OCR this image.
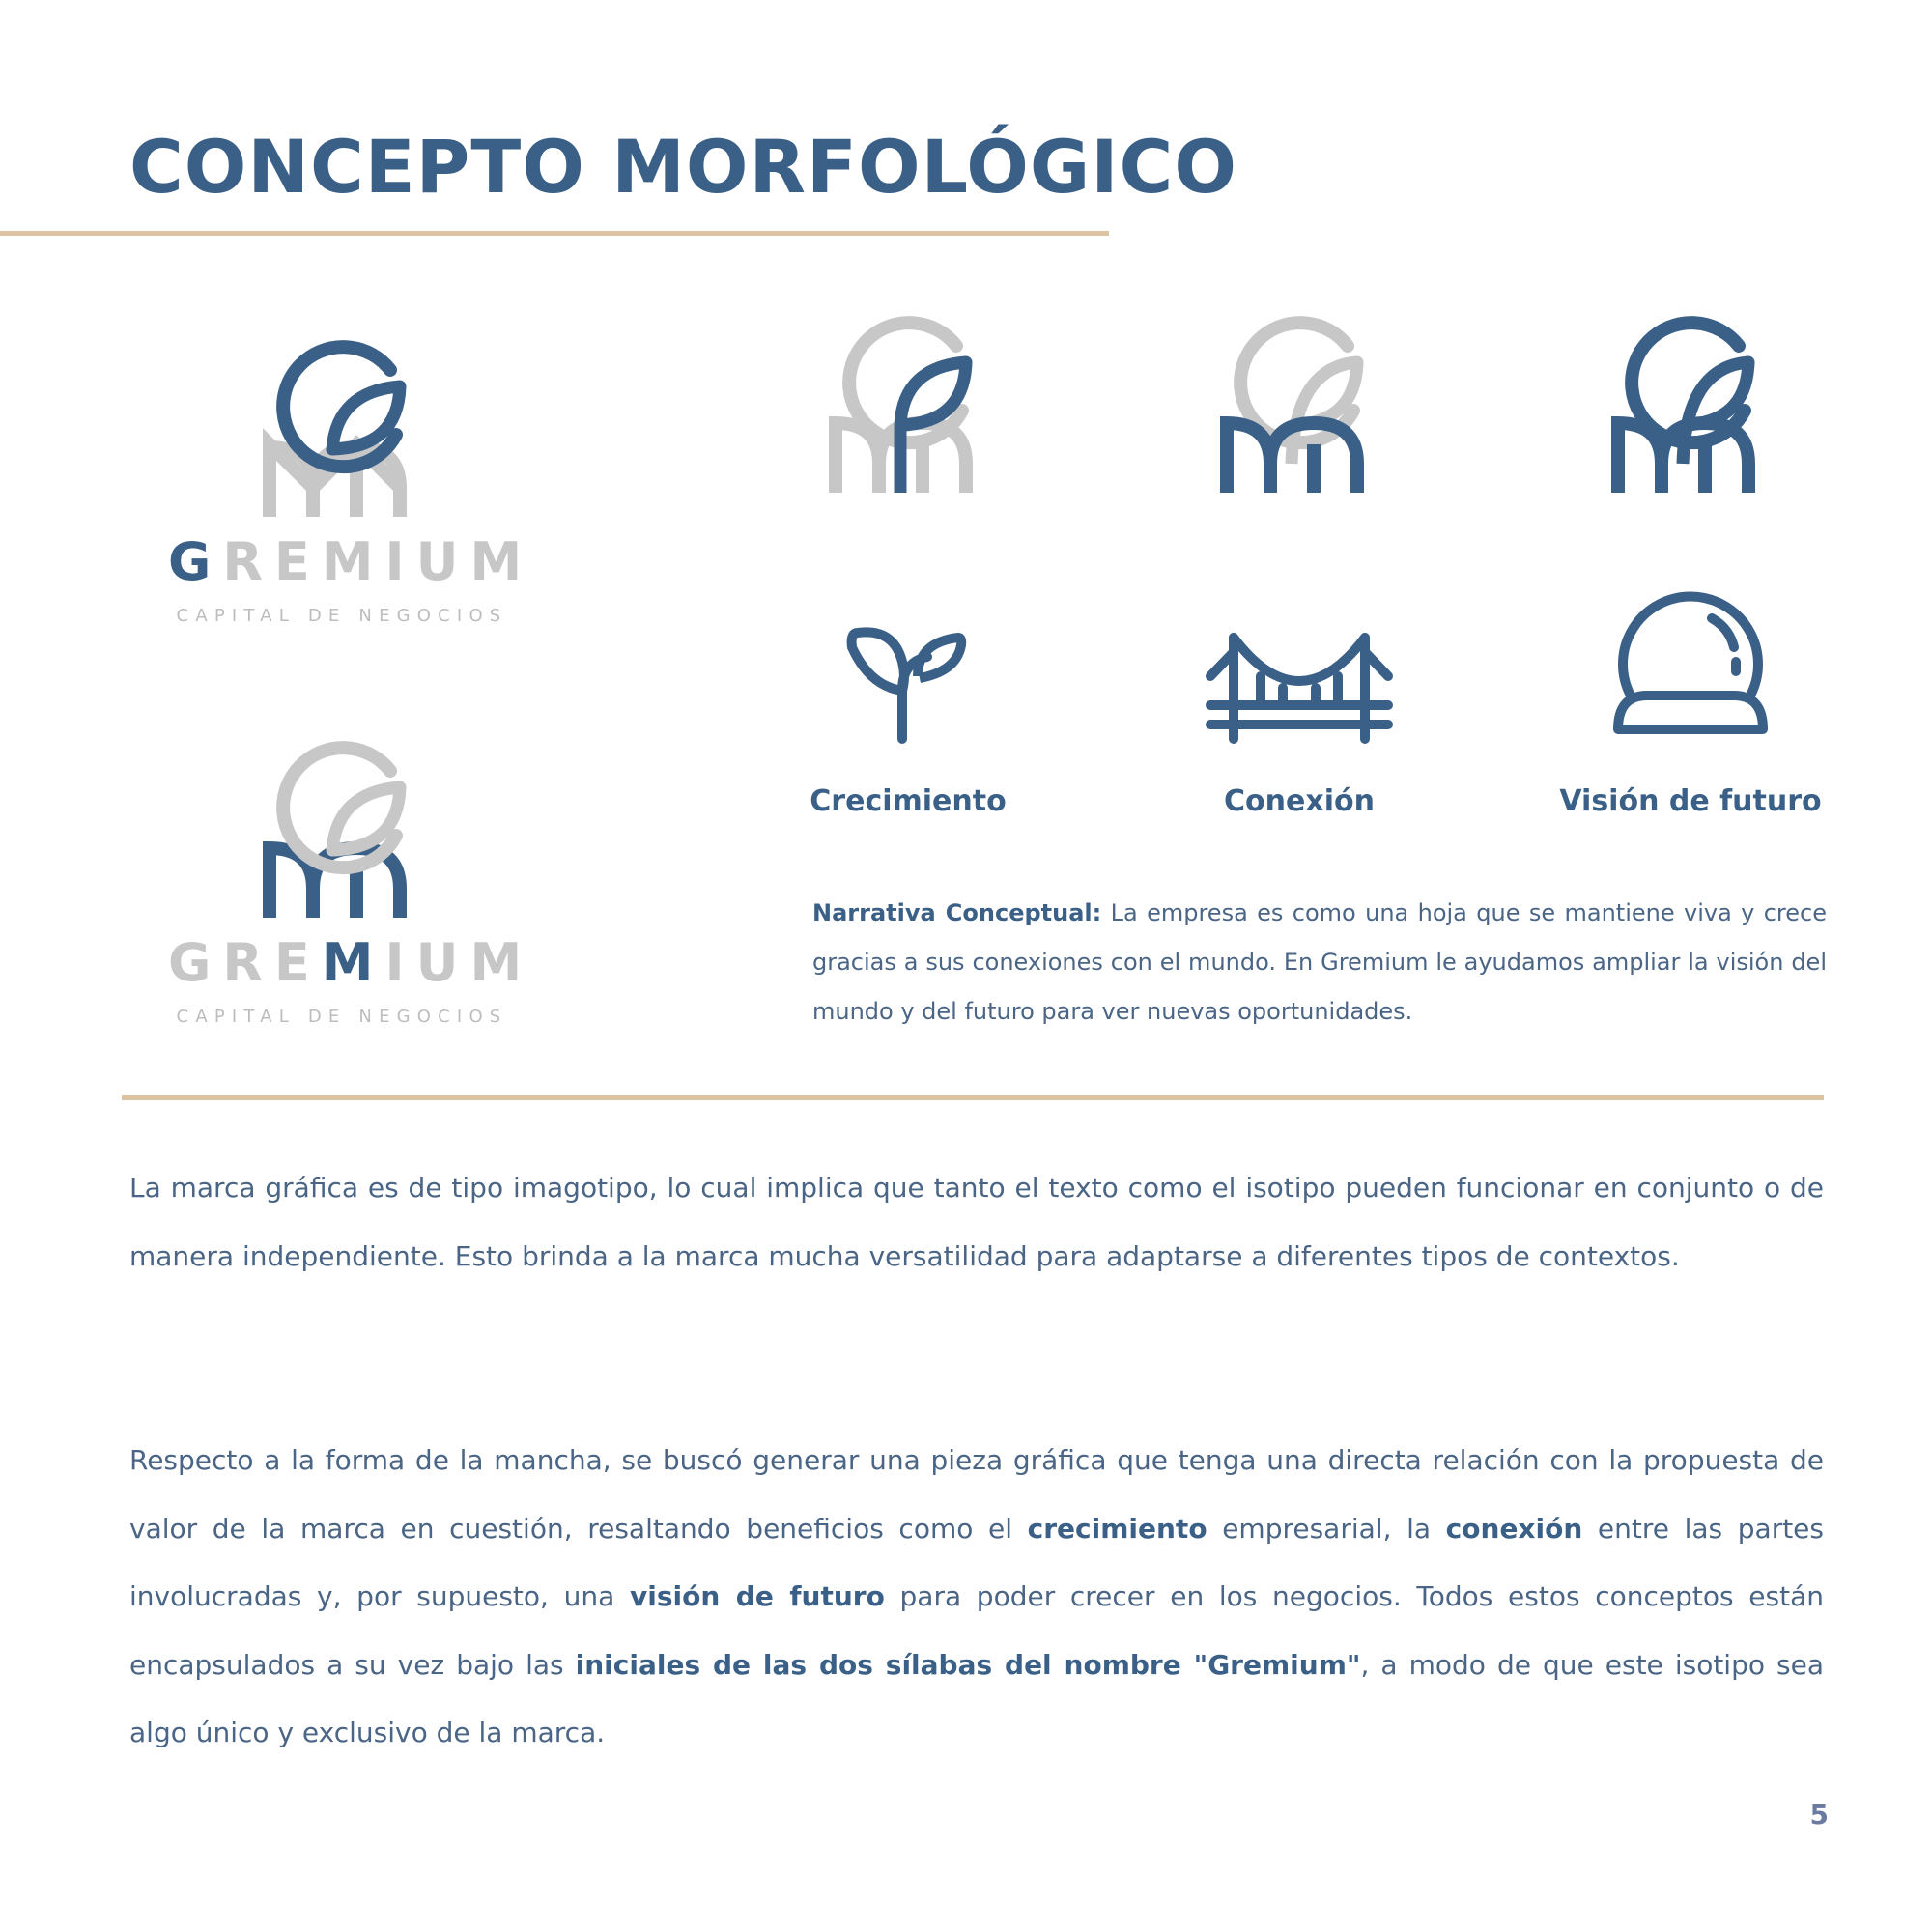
CONCEPTO MORFOLÓGICO
GREMIUM
CAPITAL DE NEGOCIOS
GREMIUM
CAPITAL DE NEGOCIOS
Crecimiento	Conexión	Visión de futuro

Narrativa Conceptual: La empresa es como una hoja que se mantiene viva y crece gracias a sus conexiones con el mundo. En Gremium le ayudamos ampliar la visión del mundo y del futuro para ver nuevas oportunidades.

La marca gráfica es de tipo imagotipo, lo cual implica que tanto el texto como el isotipo pueden funcionar en conjunto o de manera independiente. Esto brinda a la marca mucha versatilidad para adaptarse a diferentes tipos de contextos.

Respecto a la forma de la mancha, se buscó generar una pieza gráfica que tenga una directa relación con la propuesta de valor de la marca en cuestión, resaltando beneficios como el crecimiento empresarial, la conexión entre las partes involucradas y, por supuesto, una visión de futuro para poder crecer en los negocios. Todos estos conceptos están encapsulados a su vez bajo las iniciales de las dos sílabas del nombre "Gremium", a modo de que este isotipo sea algo único y exclusivo de la marca.

5
